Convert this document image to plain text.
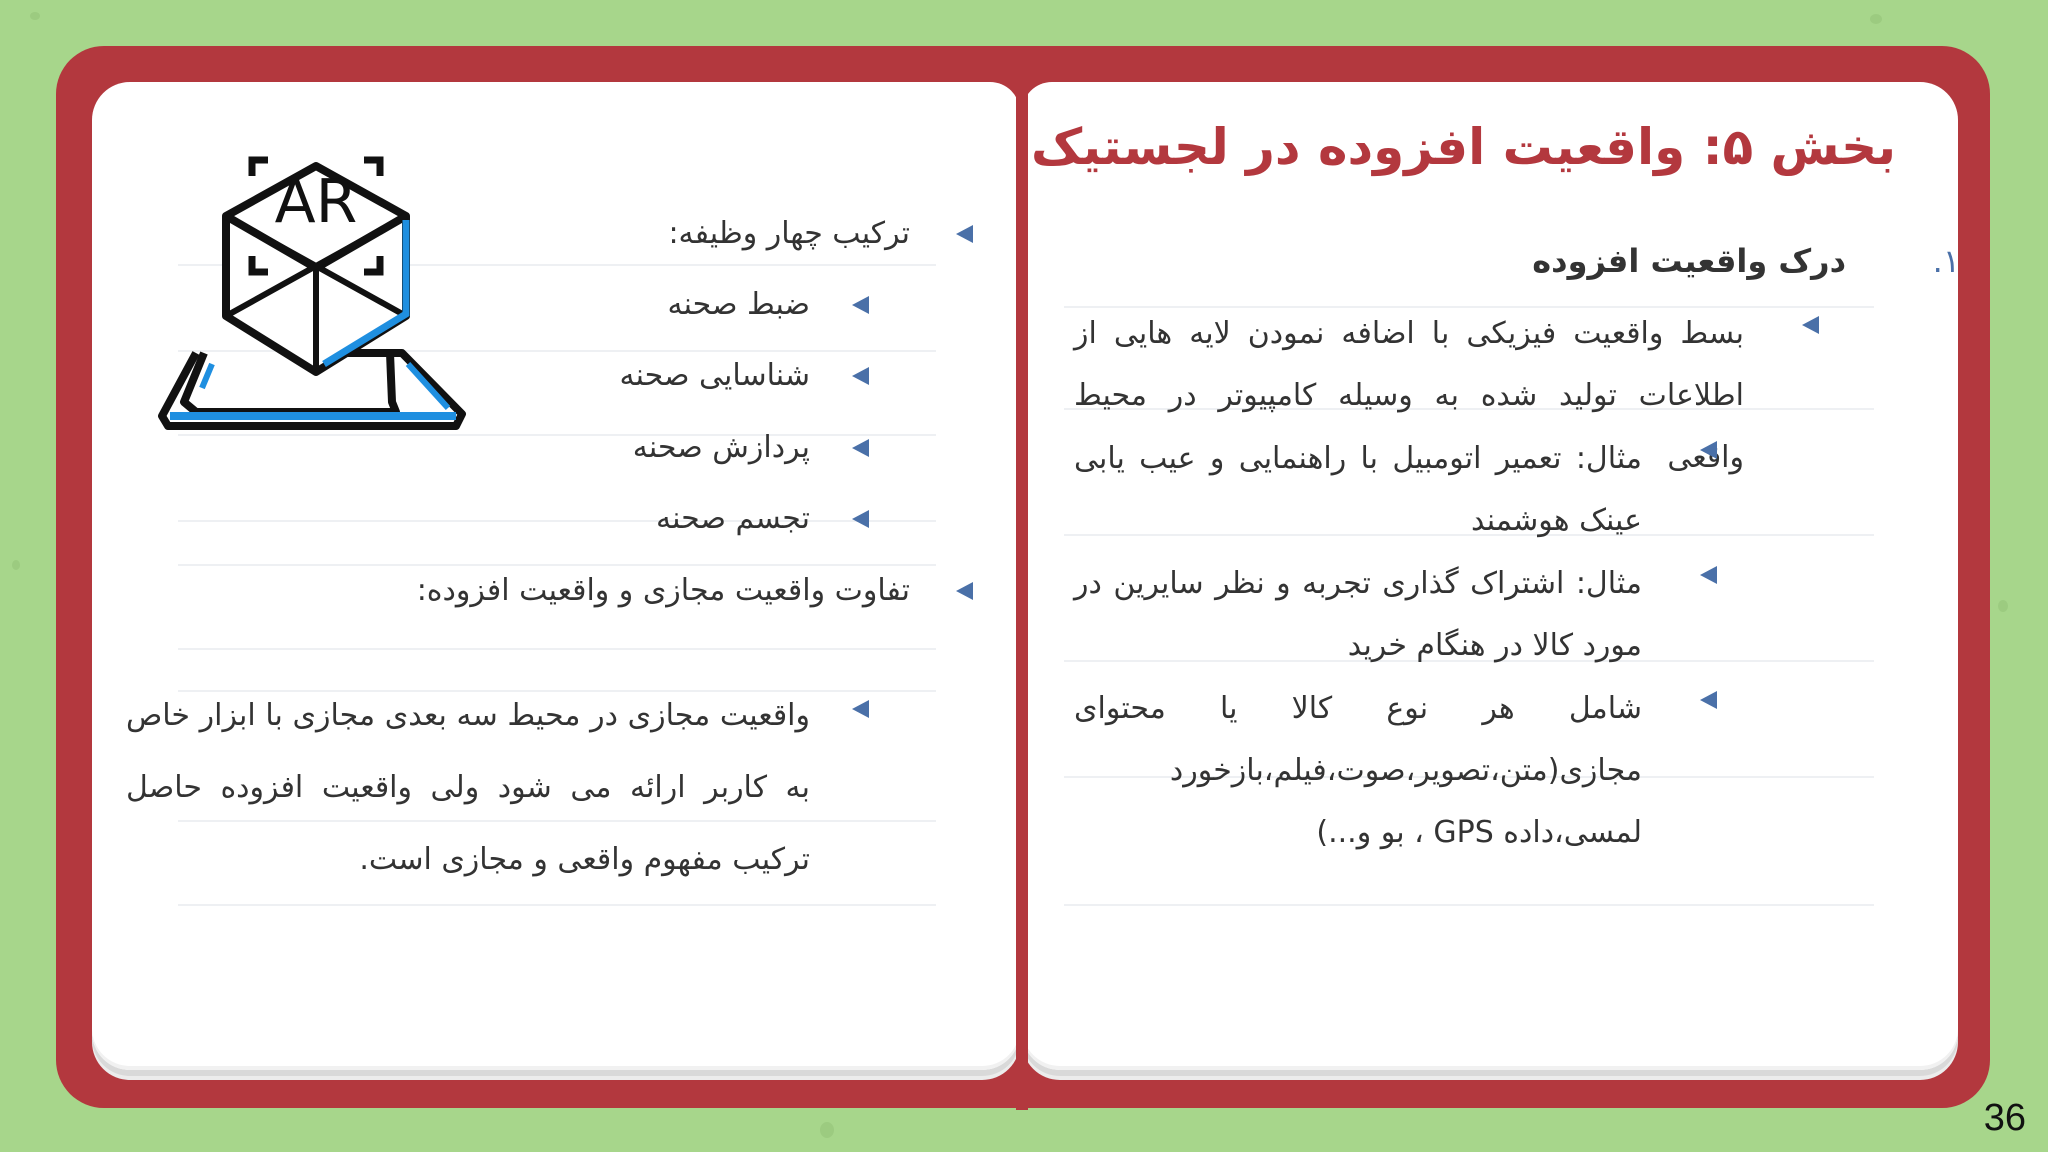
بخش ۵: واقعیت افزوده در لجستیک
۱.
درک واقعیت افزوده
بسط واقعیت فیزیکی با اضافه نمودن لایه هایی از اطلاعات تولید شده به وسیله کامپیوتر در محیط واقعی
مثال: تعمیر اتومبیل با راهنمایی و عیب یابی عینک هوشمند
مثال: اشتراک گذاری تجربه و نظر سایرین در مورد کالا در هنگام خرید
شامل هر نوع کالا یا محتوای مجازی(متن،تصویر،صوت،فیلم،بازخورد لمسی،داده GPS ، بو و...)
AR	ترکیب چهار وظیفه:
ضبط صحنه
شناسایی صحنه
پردازش صحنه
تجسم صحنه
تفاوت واقعیت مجازی و واقعیت افزوده:
واقعیت مجازی در محیط سه بعدی مجازی با ابزار خاص به کاربر ارائه می شود ولی واقعیت افزوده حاصل ترکیب مفهوم واقعی و مجازی است.
36
